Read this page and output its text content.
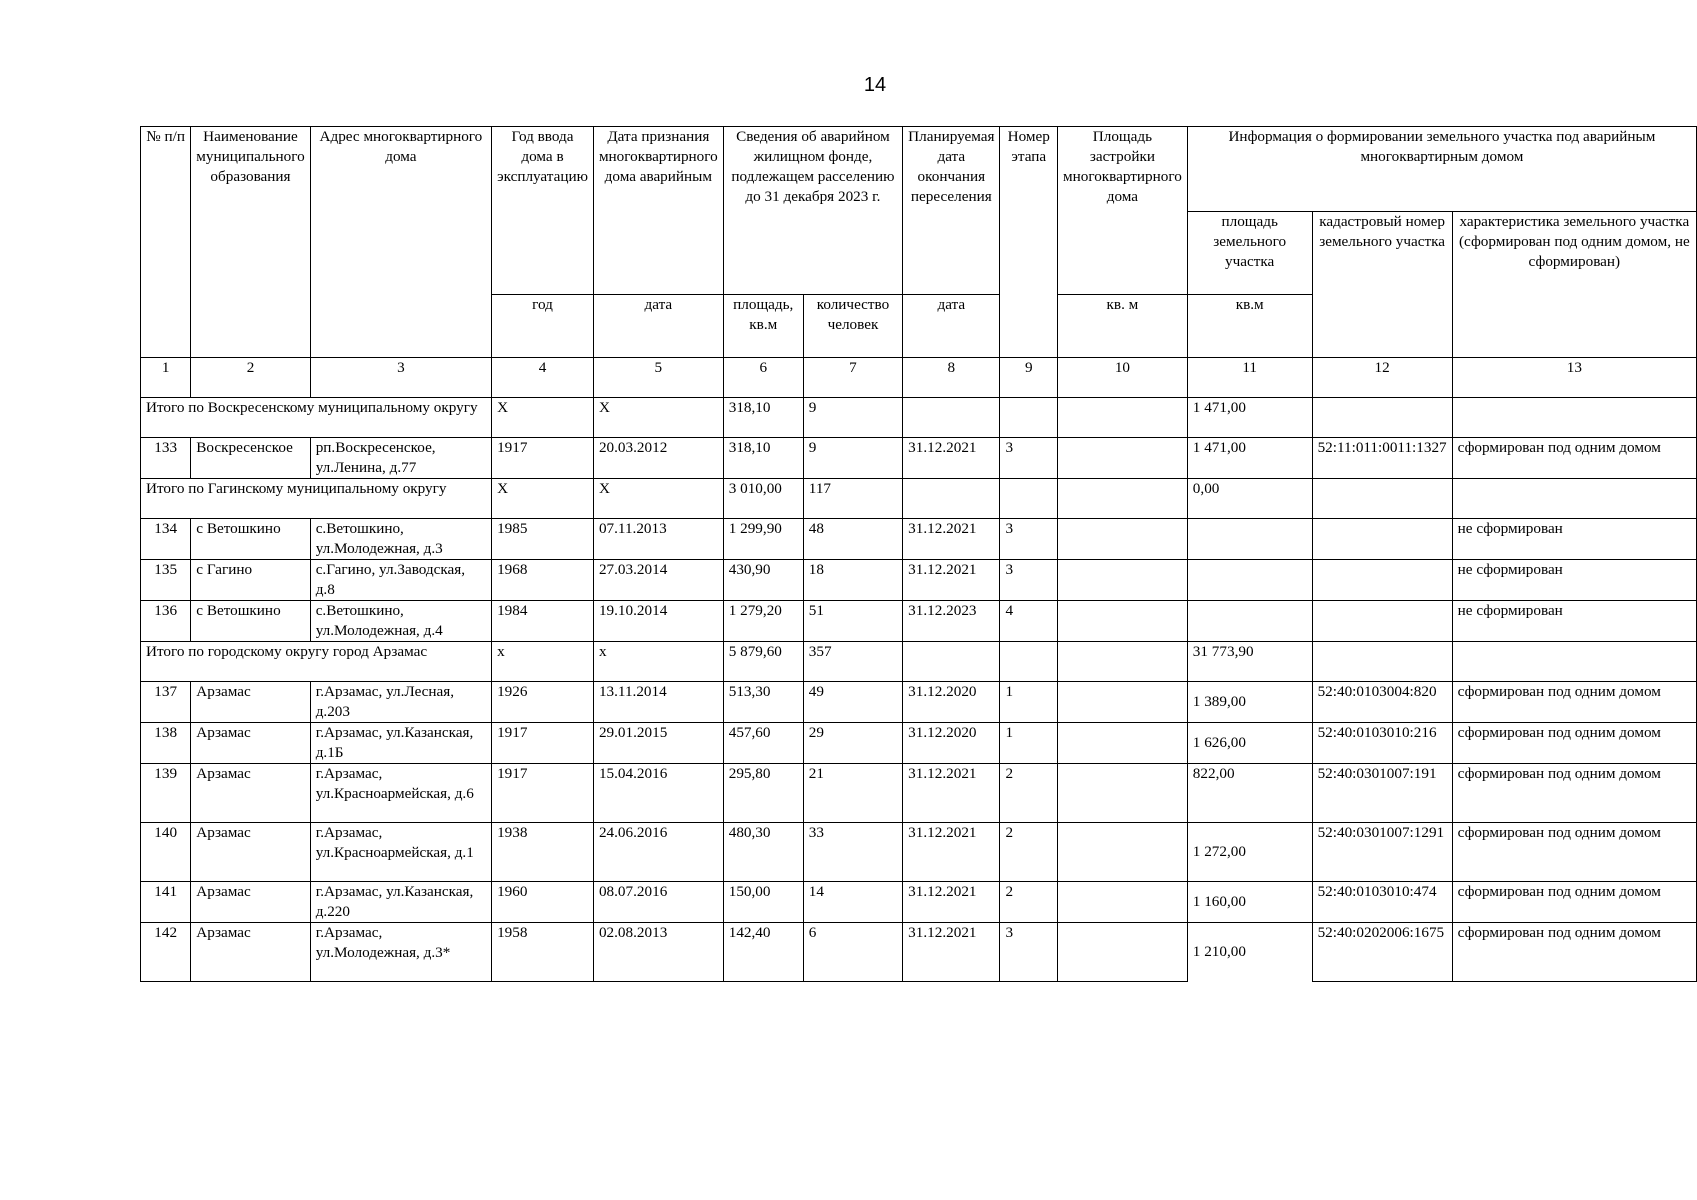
14
№ п/п	Наименование муниципального образования	Адрес многоквартирного дома	Год ввода дома в эксплуатацию	Дата признания многоквартирного дома аварийным	Сведения об аварийном жилищном фонде, подлежащем расселению до 31 декабря 2023 г.		Планируемая дата окончания переселения	Номер этапа	Площадь застройки многоквартирного дома	Информация о формировании земельного участка под аварийным многоквартирным домом		
										площадь земельного участка	кадастровый номер земельного участка	характеристика земельного участка (сформирован под одним домом, не сформирован)
			год	дата	площадь, кв.м	количество человек	дата		кв. м	кв.м		
1	2	3	4	5	6	7	8	9	10	11	12	13
Итого по Воскресенскому муниципальному округу			X	X	318,10	9				1 471,00		
133	Воскресенское	рп.Воскресенское, ул.Ленина, д.77	1917	20.03.2012	318,10	9	31.12.2021	3		1 471,00	52:11:011:0011:1327	сформирован под одним домом
Итого по Гагинскому муниципальному округу			X	X	3 010,00	117				0,00		
134	с Ветошкино	с.Ветошкино, ул.Молодежная, д.3	1985	07.11.2013	1 299,90	48	31.12.2021	3				не сформирован
135	с Гагино	с.Гагино, ул.Заводская, д.8	1968	27.03.2014	430,90	18	31.12.2021	3				не сформирован
136	с Ветошкино	с.Ветошкино, ул.Молодежная, д.4	1984	19.10.2014	1 279,20	51	31.12.2023	4				не сформирован
Итого по городскому округу город Арзамас			х	х	5 879,60	357				31 773,90		
137	Арзамас	г.Арзамас, ул.Лесная, д.203	1926	13.11.2014	513,30	49	31.12.2020	1		1 389,00	52:40:0103004:820	сформирован под одним домом
138	Арзамас	г.Арзамас, ул.Казанская, д.1Б	1917	29.01.2015	457,60	29	31.12.2020	1		1 626,00	52:40:0103010:216	сформирован под одним домом
139	Арзамас	г.Арзамас, ул.Красноармейская, д.6	1917	15.04.2016	295,80	21	31.12.2021	2		822,00	52:40:0301007:191	сформирован под одним домом
140	Арзамас	г.Арзамас, ул.Красноармейская, д.1	1938	24.06.2016	480,30	33	31.12.2021	2		1 272,00	52:40:0301007:1291	сформирован под одним домом
141	Арзамас	г.Арзамас, ул.Казанская, д.220	1960	08.07.2016	150,00	14	31.12.2021	2		1 160,00	52:40:0103010:474	сформирован под одним домом
142	Арзамас	г.Арзамас, ул.Молодежная, д.3*	1958	02.08.2013	142,40	6	31.12.2021	3		1 210,00	52:40:0202006:1675	сформирован под одним домом
